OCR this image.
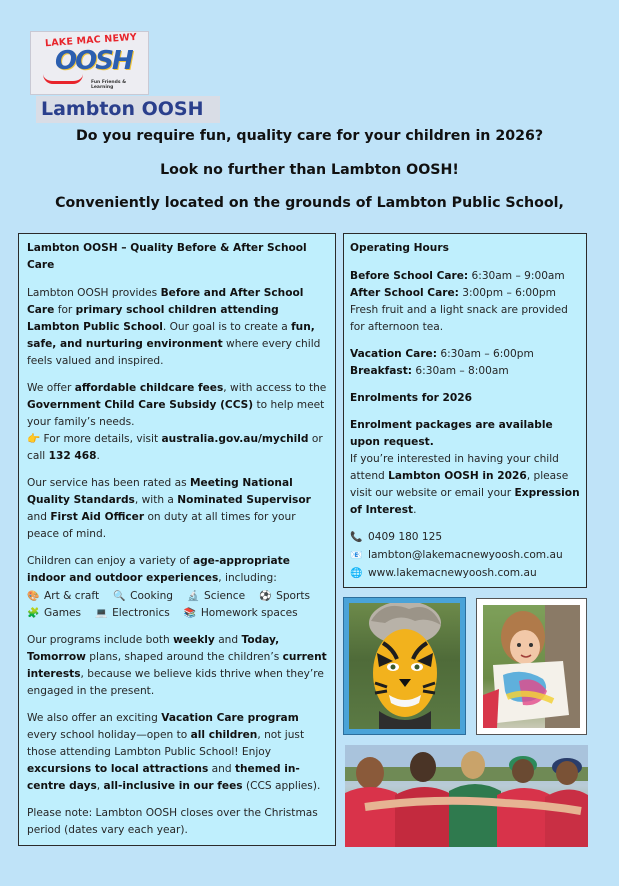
LAKE MAC NEWY
OOSH
Fun Friends & Learning
Lambton OOSH
Do you require fun, quality care for your children in 2026?
Look no further than Lambton OOSH!
Conveniently located on the grounds of Lambton Public School,
Lambton OOSH – Quality Before & After School Care

Lambton OOSH provides Before and After School Care for primary school children attending Lambton Public School. Our goal is to create a fun, safe, and nurturing environment where every child feels valued and inspired.

We offer affordable childcare fees, with access to the Government Child Care Subsidy (CCS) to help meet your family’s needs.

👉 For more details, visit australia.gov.au/mychild or call 132 468.

Our service has been rated as Meeting National Quality Standards, with a Nominated Supervisor and First Aid Officer on duty at all times for your peace of mind.

Children can enjoy a variety of age-appropriate indoor and outdoor experiences, including:

🎨 Art & craft 🔍 Cooking 🔬 Science ⚽ Sports
🧩 Games 💻 Electronics 📚 Homework spaces

Our programs include both weekly and Today, Tomorrow plans, shaped around the children’s current interests, because we believe kids thrive when they’re engaged in the present.

We also offer an exciting Vacation Care program every school holiday—open to all children, not just those attending Lambton Public School! Enjoy excursions to local attractions and themed in-centre days, all-inclusive in our fees (CCS applies).

Please note: Lambton OOSH closes over the Christmas period (dates vary each year).

Operating Hours
Before School Care: 6:30am – 9:00am
After School Care: 3:00pm – 6:00pm

Fresh fruit and a light snack are provided for afternoon tea.

Vacation Care: 6:30am – 6:00pm

Breakfast: 6:30am – 8:00am

Enrolments for 2026

Enrolment packages are available upon request.

If you’re interested in having your child attend Lambton OOSH in 2026, please visit our website or email your Expression of Interest.

📞 0409 180 125
📧 lambton@lakemacnewyoosh.com.au
🌐 www.lakemacnewyoosh.com.au
